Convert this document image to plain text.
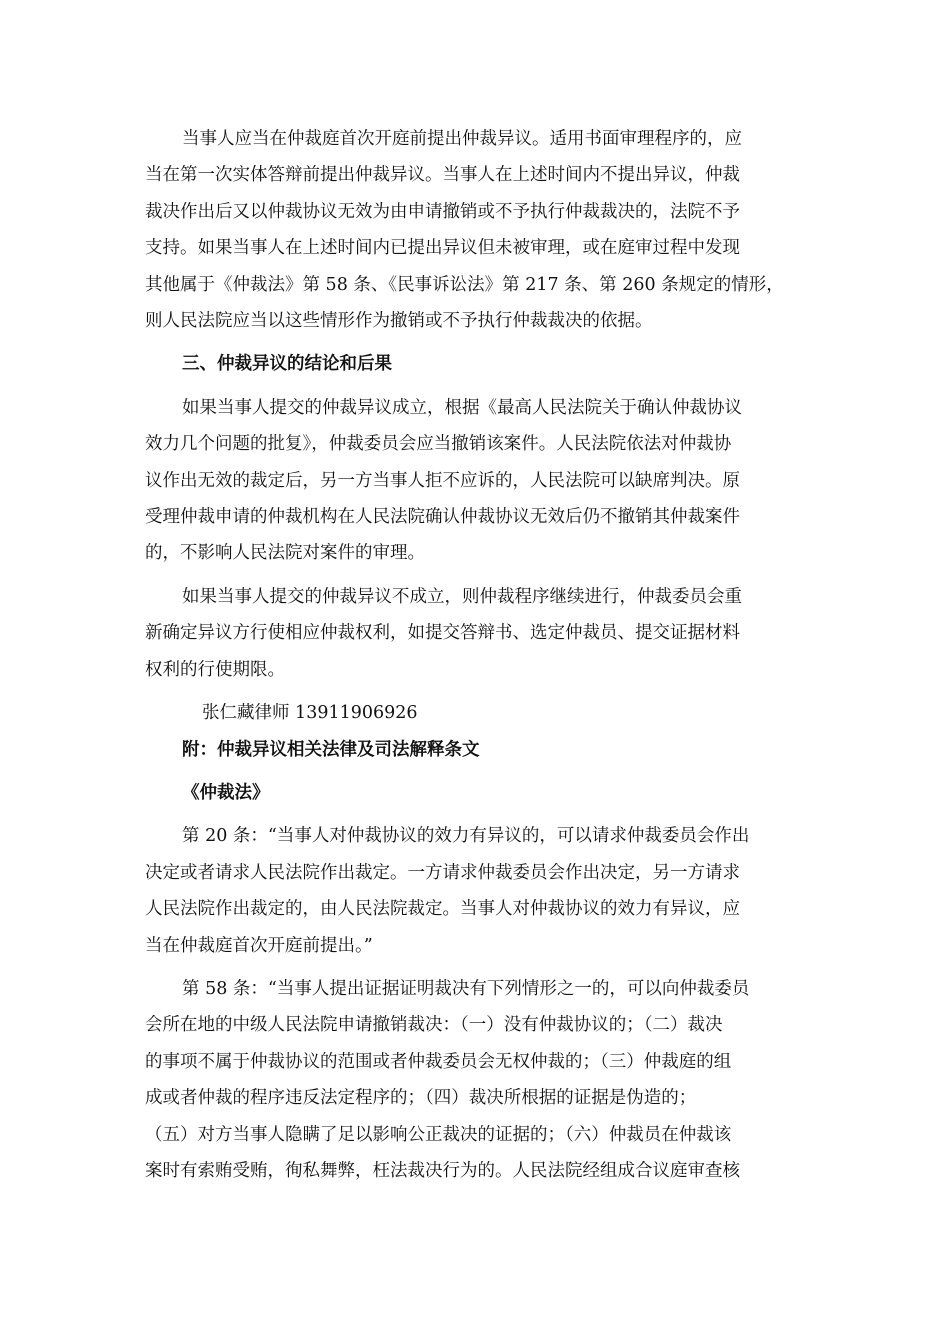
当事人应当在仲裁庭首次开庭前提出仲裁异议。适用书面审理程序的，应
当在第一次实体答辩前提出仲裁异议。当事人在上述时间内不提出异议，仲裁
裁决作出后又以仲裁协议无效为由申请撤销或不予执行仲裁裁决的，法院不予
支持。如果当事人在上述时间内已提出异议但未被审理，或在庭审过程中发现
其他属于《仲裁法》第 58 条、《民事诉讼法》第 217 条、第 260 条规定的情形，
则人民法院应当以这些情形作为撤销或不予执行仲裁裁决的依据。
三、仲裁异议的结论和后果
如果当事人提交的仲裁异议成立，根据《最高人民法院关于确认仲裁协议
效力几个问题的批复》，仲裁委员会应当撤销该案件。人民法院依法对仲裁协
议作出无效的裁定后，另一方当事人拒不应诉的，人民法院可以缺席判决。原
受理仲裁申请的仲裁机构在人民法院确认仲裁协议无效后仍不撤销其仲裁案件
的，不影响人民法院对案件的审理。
如果当事人提交的仲裁异议不成立，则仲裁程序继续进行，仲裁委员会重
新确定异议方行使相应仲裁权利，如提交答辩书、选定仲裁员、提交证据材料
权利的行使期限。
张仁藏律师 13911906926
附：仲裁异议相关法律及司法解释条文
《仲裁法》
第 20 条：“当事人对仲裁协议的效力有异议的，可以请求仲裁委员会作出
决定或者请求人民法院作出裁定。一方请求仲裁委员会作出决定，另一方请求
人民法院作出裁定的，由人民法院裁定。当事人对仲裁协议的效力有异议，应
当在仲裁庭首次开庭前提出。”
第 58 条：“当事人提出证据证明裁决有下列情形之一的，可以向仲裁委员
会所在地的中级人民法院申请撤销裁决：（一）没有仲裁协议的；（二）裁决
的事项不属于仲裁协议的范围或者仲裁委员会无权仲裁的；（三）仲裁庭的组
成或者仲裁的程序违反法定程序的；（四）裁决所根据的证据是伪造的；
（五）对方当事人隐瞒了足以影响公正裁决的证据的；（六）仲裁员在仲裁该
案时有索贿受贿，徇私舞弊，枉法裁决行为的。人民法院经组成合议庭审查核
